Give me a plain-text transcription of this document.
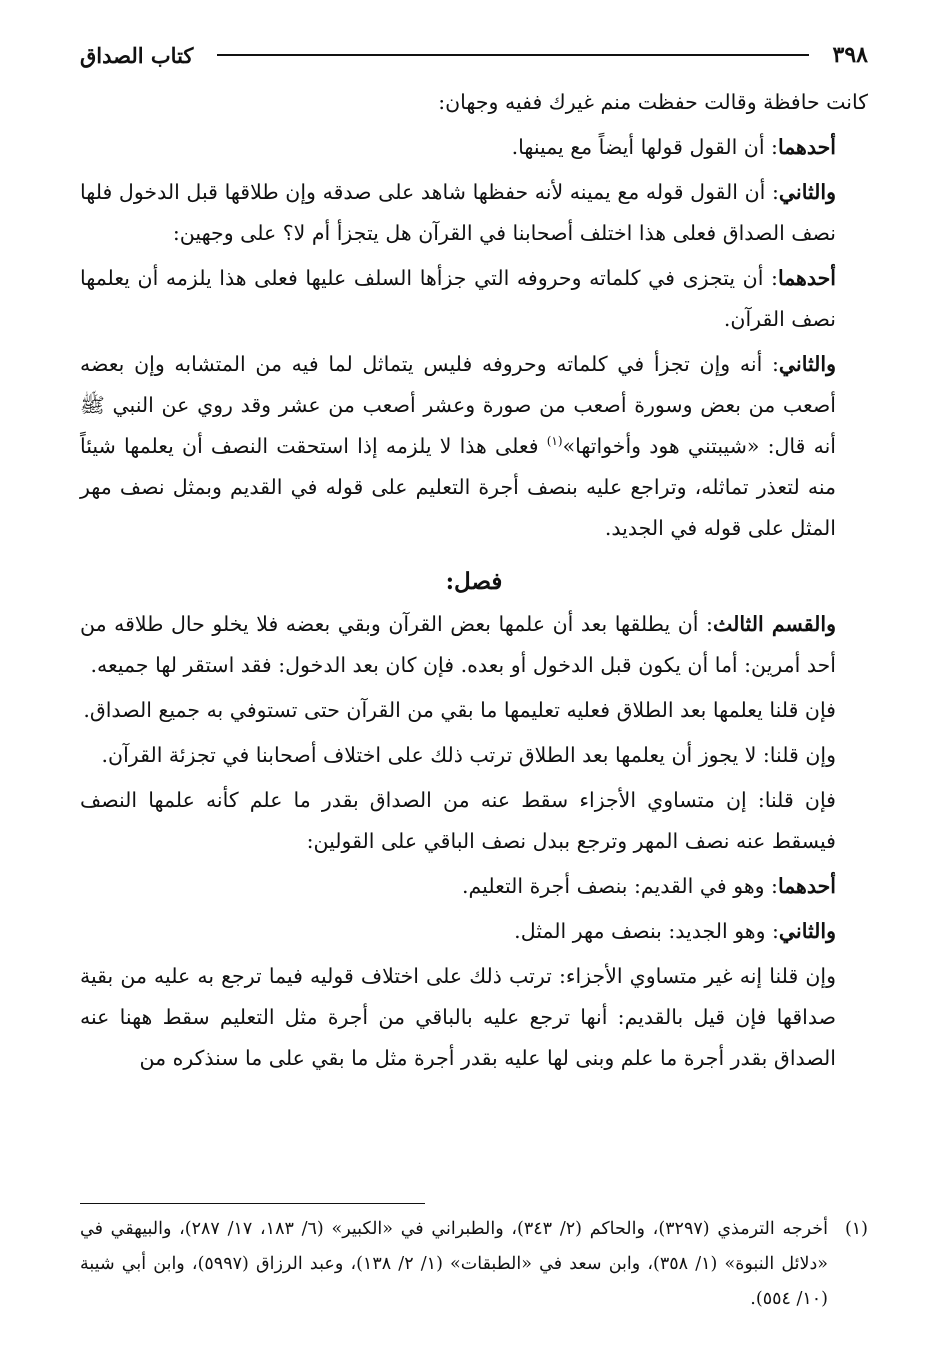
٣٩٨
كتاب الصداق

كانت حافظة وقالت حفظت منم غيرك ففيه وجهان:

أحدهما: أن القول قولها أيضاً مع يمينها.

والثاني: أن القول قوله مع يمينه لأنه حفظها شاهد على صدقه وإن طلاقها قبل الدخول فلها نصف الصداق فعلى هذا اختلف أصحابنا في القرآن هل يتجزأ أم لا؟ على وجهين:

أحدهما: أن يتجزى في كلماته وحروفه التي جزأها السلف عليها فعلى هذا يلزمه أن يعلمها نصف القرآن.

والثاني: أنه وإن تجزأ في كلماته وحروفه فليس يتماثل لما فيه من المتشابه وإن بعضه أصعب من بعض وسورة أصعب من صورة وعشر أصعب من عشر وقد روي عن النبي ﷺ أنه قال: «شيبتني هود وأخواتها»$^{(١)}$ فعلى هذا لا يلزمه إذا استحقت النصف أن يعلمها شيئاً منه لتعذر تماثله، وتراجع عليه بنصف أجرة التعليم على قوله في القديم وبمثل نصف مهر المثل على قوله في الجديد.

فصل:

والقسم الثالث: أن يطلقها بعد أن علمها بعض القرآن وبقي بعضه فلا يخلو حال طلاقه من أحد أمرين: أما أن يكون قبل الدخول أو بعده. فإن كان بعد الدخول: فقد استقر لها جميعه.

فإن قلنا يعلمها بعد الطلاق فعليه تعليمها ما بقي من القرآن حتى تستوفي به جميع الصداق.

وإن قلنا: لا يجوز أن يعلمها بعد الطلاق ترتب ذلك على اختلاف أصحابنا في تجزئة القرآن.

فإن قلنا: إن متساوي الأجزاء سقط عنه من الصداق بقدر ما علم كأنه علمها النصف فيسقط عنه نصف المهر وترجع ببدل نصف الباقي على القولين:

أحدهما: وهو في القديم: بنصف أجرة التعليم.

والثاني: وهو الجديد: بنصف مهر المثل.

وإن قلنا إنه غير متساوي الأجزاء: ترتب ذلك على اختلاف قوليه فيما ترجع به عليه من بقية صداقها فإن قيل بالقديم: أنها ترجع عليه بالباقي من أجرة مثل التعليم سقط ههنا عنه الصداق بقدر أجرة ما علم وبنى لها عليه بقدر أجرة مثل ما بقي على ما سنذكره من

(١)
أخرجه الترمذي (٣٢٩٧)، والحاكم (٢/ ٣٤٣)، والطبراني في «الكبير» (٦/ ١٨٣، ١٧/ ٢٨٧)، والبيهقي في «دلائل النبوة» (١/ ٣٥٨)، وابن سعد في «الطبقات» (١/ ٢/ ١٣٨)، وعبد الرزاق (٥٩٩٧)، وابن أبي شيبة (١٠/ ٥٥٤).
